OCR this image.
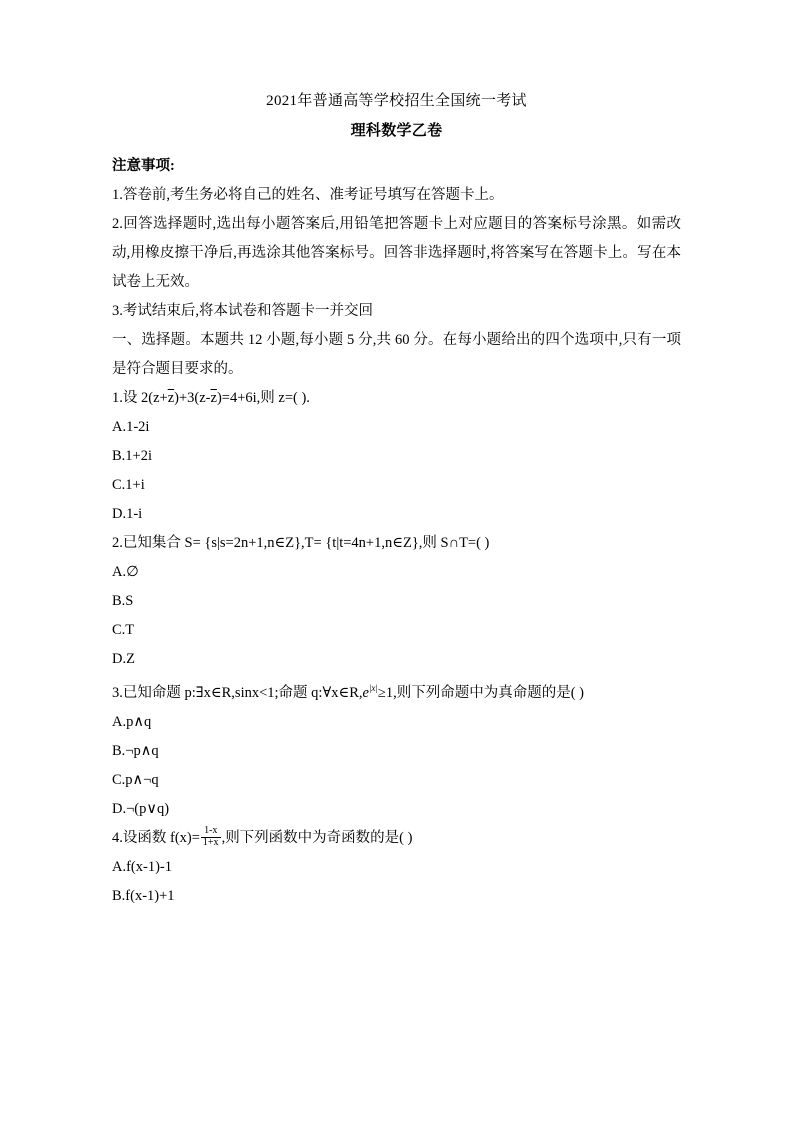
2021年普通高等学校招生全国统一考试
理科数学乙卷
注意事项:

1.答卷前,考生务必将自己的姓名、准考证号填写在答题卡上。

2.回答选择题时,选出每小题答案后,用铅笔把答题卡上对应题目的答案标号涂黑。如需改动,用橡皮擦干净后,再选涂其他答案标号。回答非选择题时,将答案写在答题卡上。写在本试卷上无效。

3.考试结束后,将本试卷和答题卡一并交回

一、选择题。本题共 12 小题,每小题 5 分,共 60 分。在每小题给出的四个选项中,只有一项是符合题目要求的。

1.设 $2(z+\overline{z})+3(z-\overline{z})=4+6i$,则 z=( ).

A.1-2i

B.1+2i

C.1+i

D.1-i

2.已知集合 S= {s|s=2n+1,n∈Z},T= {t|t=4n+1,n∈Z},则 S∩T=( )

A.∅

B.S

C.T

D.Z

3.已知命题 p:∃x∈R,sinx<1;命题 $q:\forall x\in R,e^{|x|}\ge 1$,则下列命题中为真命题的是( )

A.p∧q

B.¬p∧q

C.p∧¬q

D.¬(p∨q)

4.设函数 $f(x)= \frac{1-x}{1+x}$ ,则下列函数中为奇函数的是( )

A.f(x-1)-1

B.f(x-1)+1
